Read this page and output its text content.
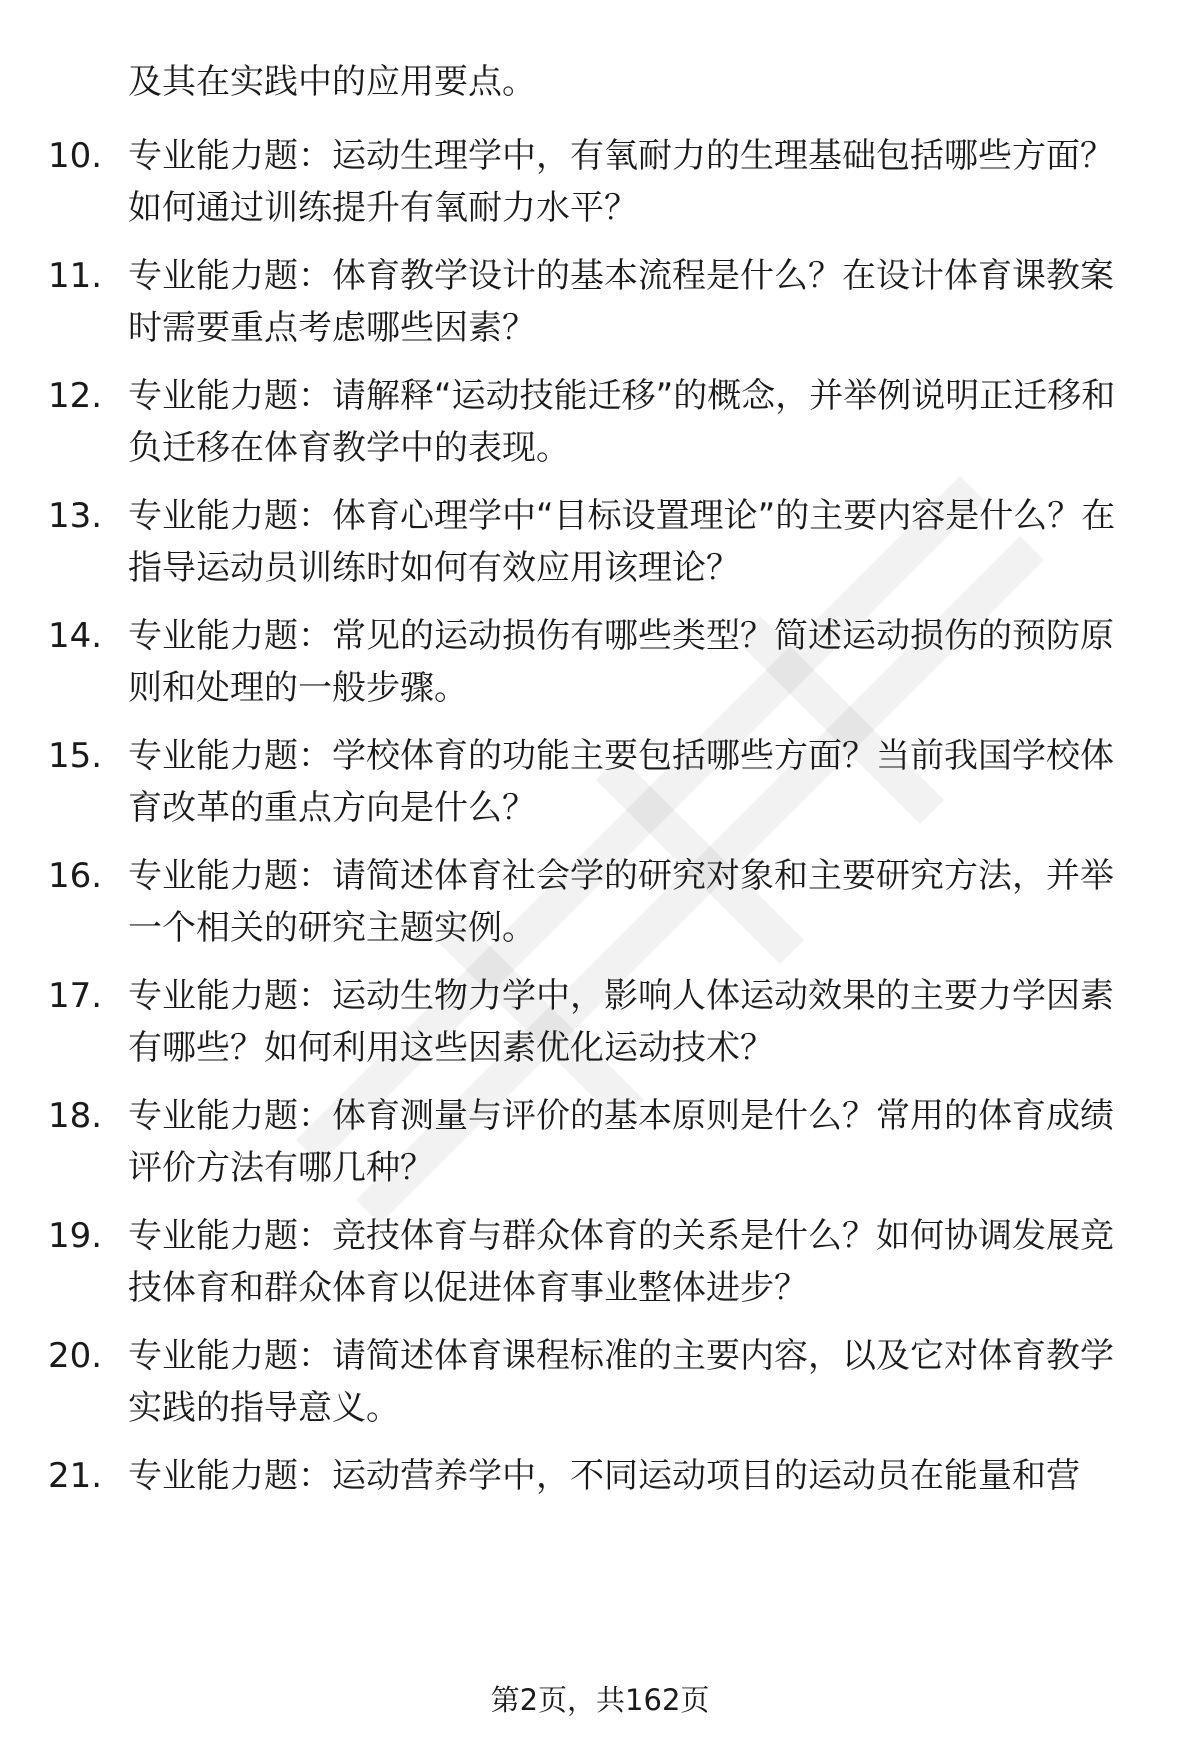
及其在实践中的应用要点。
10. 专业能力题：运动生理学中，有氧耐力的生理基础包括哪些方面？如何通过训练提升有氧耐力水平？
11. 专业能力题：体育教学设计的基本流程是什么？在设计体育课教案时需要重点考虑哪些因素？
12. 专业能力题：请解释“运动技能迁移”的概念，并举例说明正迁移和负迁移在体育教学中的表现。
13. 专业能力题：体育心理学中“目标设置理论”的主要内容是什么？在指导运动员训练时如何有效应用该理论？
14. 专业能力题：常见的运动损伤有哪些类型？简述运动损伤的预防原则和处理的一般步骤。
15. 专业能力题：学校体育的功能主要包括哪些方面？当前我国学校体育改革的重点方向是什么？
16. 专业能力题：请简述体育社会学的研究对象和主要研究方法，并举一个相关的研究主题实例。
17. 专业能力题：运动生物力学中，影响人体运动效果的主要力学因素有哪些？如何利用这些因素优化运动技术？
18. 专业能力题：体育测量与评价的基本原则是什么？常用的体育成绩评价方法有哪几种？
19. 专业能力题：竞技体育与群众体育的关系是什么？如何协调发展竞技体育和群众体育以促进体育事业整体进步？
20. 专业能力题：请简述体育课程标准的主要内容，以及它对体育教学实践的指导意义。
21. 专业能力题：运动营养学中，不同运动项目的运动员在能量和营
第2页，共162页
